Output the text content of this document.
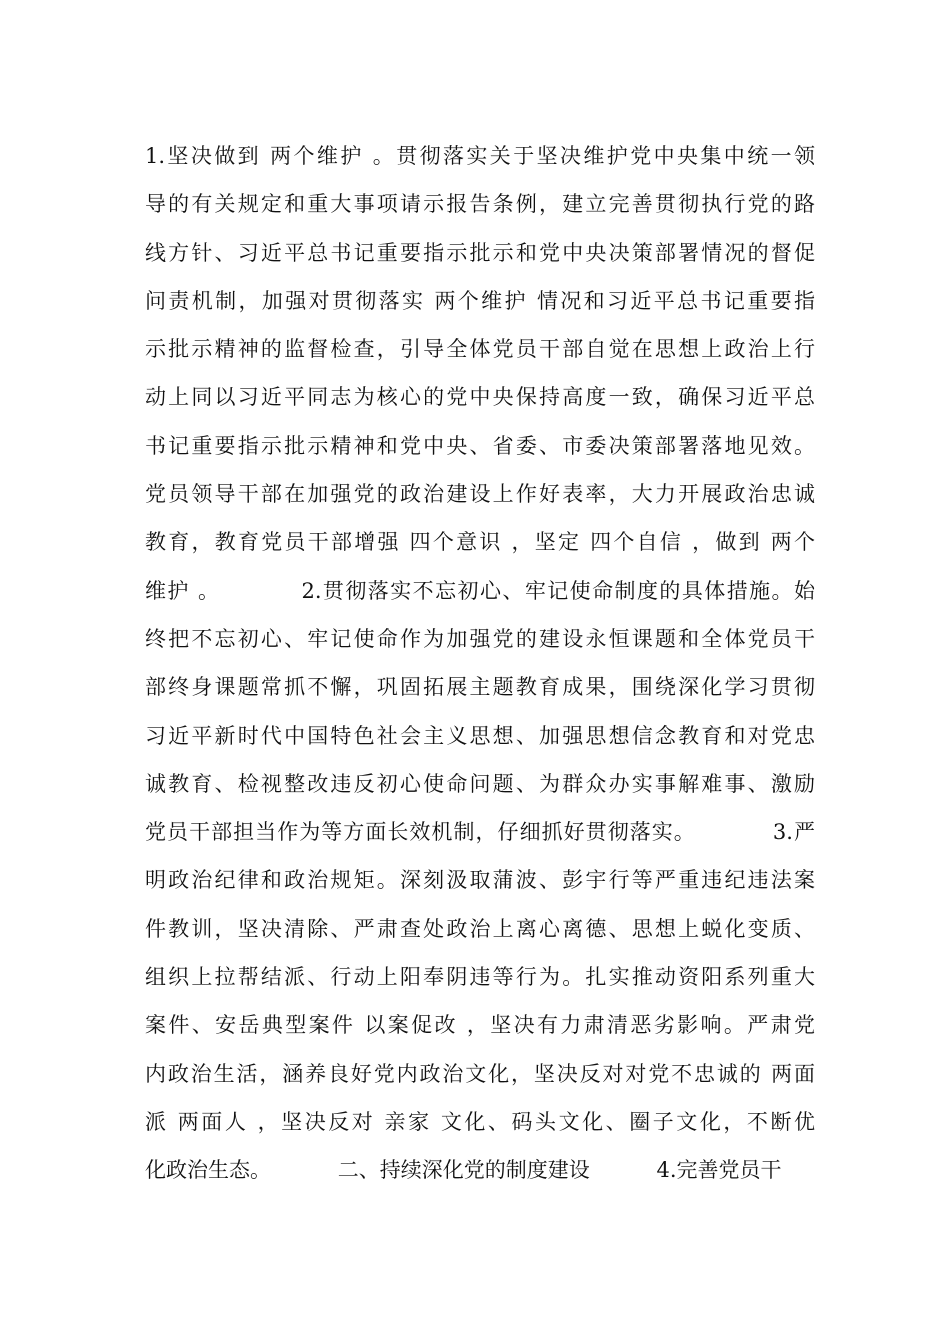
1.坚决做到 两个维护 。贯彻落实关于坚决维护党中央集中统一领
导的有关规定和重大事项请示报告条例，建立完善贯彻执行党的路
线方针、习近平总书记重要指示批示和党中央决策部署情况的督促
问责机制，加强对贯彻落实 两个维护 情况和习近平总书记重要指
示批示精神的监督检查，引导全体党员干部自觉在思想上政治上行
动上同以习近平同志为核心的党中央保持高度一致，确保习近平总
书记重要指示批示精神和党中央、省委、市委决策部署落地见效。
党员领导干部在加强党的政治建设上作好表率，大力开展政治忠诚
教育，教育党员干部增强 四个意识 ，坚定 四个自信 ，做到 两个
维护 。          2.贯彻落实不忘初心、牢记使命制度的具体措施。始
终把不忘初心、牢记使命作为加强党的建设永恒课题和全体党员干
部终身课题常抓不懈，巩固拓展主题教育成果，围绕深化学习贯彻
习近平新时代中国特色社会主义思想、加强思想信念教育和对党忠
诚教育、检视整改违反初心使命问题、为群众办实事解难事、激励
党员干部担当作为等方面长效机制，仔细抓好贯彻落实。          3.严
明政治纪律和政治规矩。深刻汲取蒲波、彭宇行等严重违纪违法案
件教训，坚决清除、严肃查处政治上离心离德、思想上蜕化变质、
组织上拉帮结派、行动上阳奉阴违等行为。扎实推动资阳系列重大
案件、安岳典型案件 以案促改 ，坚决有力肃清恶劣影响。严肃党
内政治生活，涵养良好党内政治文化，坚决反对对党不忠诚的 两面
派 两面人 ，坚决反对 亲家 文化、码头文化、圈子文化，不断优
化政治生态。          二、持续深化党的制度建设          4.完善党员干
